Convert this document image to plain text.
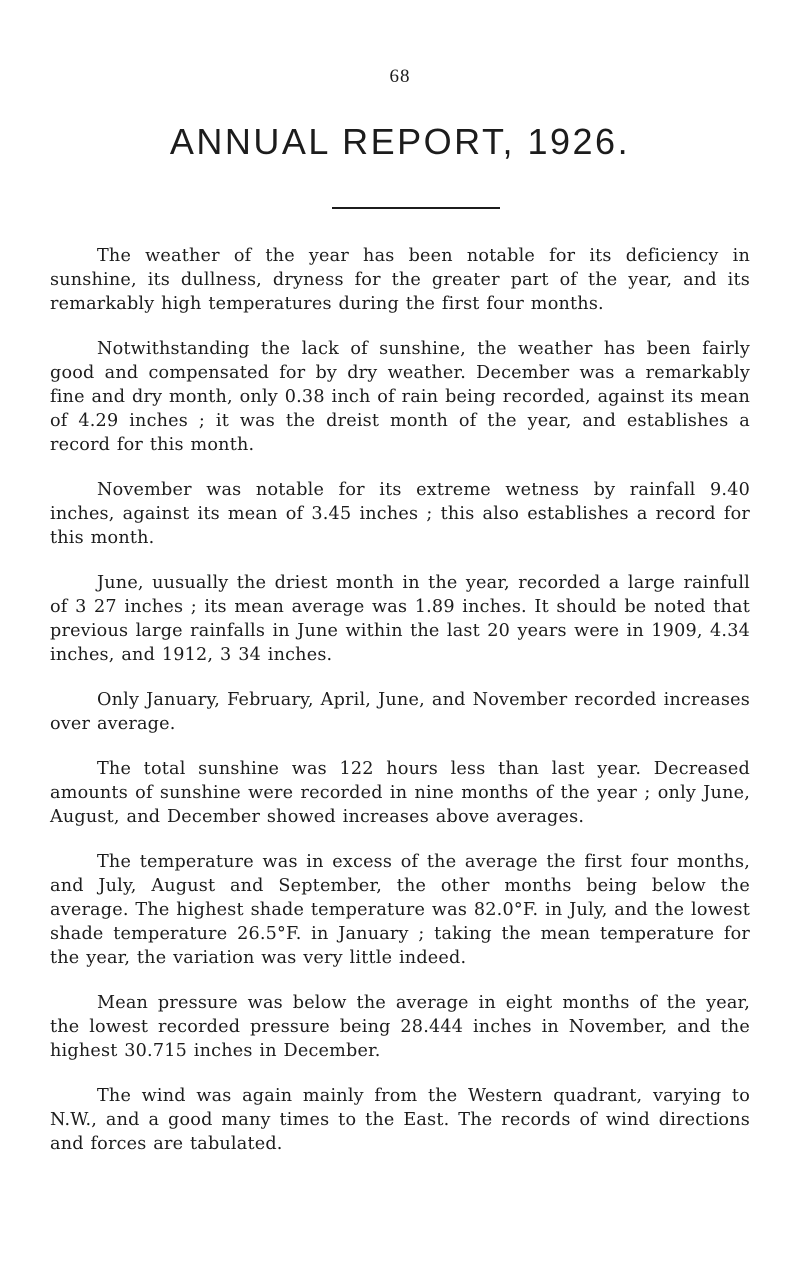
68
ANNUAL REPORT, 1926.

The weather of the year has been notable for its deficiency in sunshine, its dullness, dryness for the greater part of the year, and its remarkably high temperatures during the first four months.

Notwithstanding the lack of sunshine, the weather has been fairly good and compensated for by dry weather. December was a remarkably fine and dry month, only 0.38 inch of rain being recorded, against its mean of 4.29 inches ; it was the dreist month of the year, and establishes a record for this month.

November was notable for its extreme wetness by rainfall 9.40 inches, against its mean of 3.45 inches ; this also establishes a record for this month.

June, uusually the driest month in the year, recorded a large rainfull of 3 27 inches ; its mean average was 1.89 inches. It should be noted that previous large rainfalls in June within the last 20 years were in 1909, 4.34 inches, and 1912, 3 34 inches.

Only January, February, April, June, and November recorded increases over average.

The total sunshine was 122 hours less than last year. Decreased amounts of sunshine were recorded in nine months of the year ; only June, August, and December showed increases above averages.

The temperature was in excess of the average the first four months, and July, August and September, the other months being below the average. The highest shade temperature was 82.0°F. in July, and the lowest shade temperature 26.5°F. in January ; taking the mean temperature for the year, the variation was very little indeed.

Mean pressure was below the average in eight months of the year, the lowest recorded pressure being 28.444 inches in November, and the highest 30.715 inches in December.

The wind was again mainly from the Western quadrant, varying to N.W., and a good many times to the East. The records of wind directions and forces are tabulated.
